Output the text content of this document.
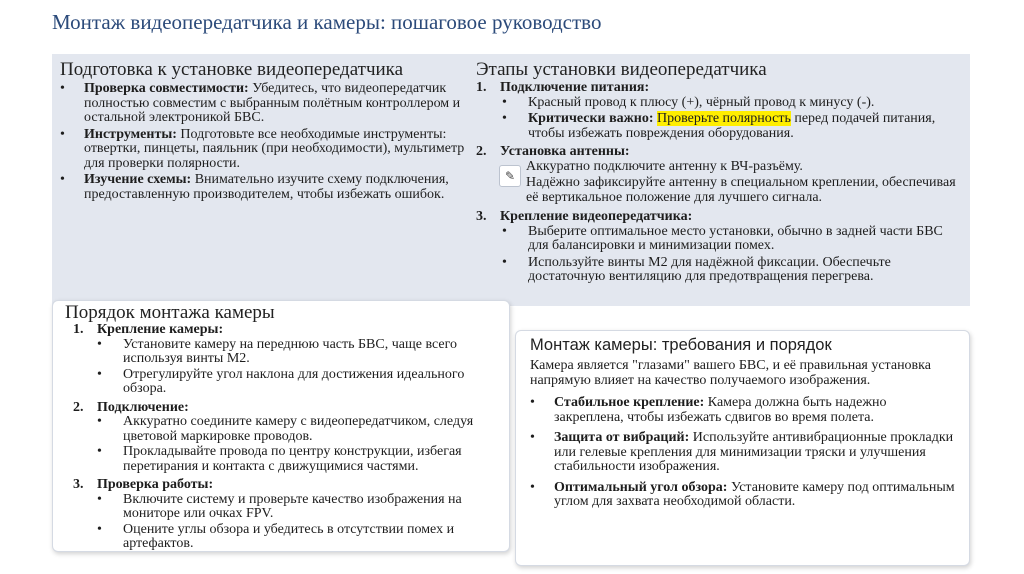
Монтаж видеопередатчика и камеры: пошаговое руководство
Подготовка к установке видеопередатчика
• Проверка совместимости: Убедитесь, что видеопередатчик полностью совместим с выбранным полётным контроллером и остальной электроникой БВС.
• Инструменты: Подготовьте все необходимые инструменты: отвертки, пинцеты, паяльник (при необходимости), мультиметр для проверки полярности.
• Изучение схемы: Внимательно изучите схему подключения, предоставленную производителем, чтобы избежать ошибок.
Этапы установки видеопередатчика
1. Подключение питания:
• Красный провод к плюсу (+), чёрный провод к минусу (-).
• Критически важно: Проверьте полярность перед подачей питания, чтобы избежать повреждения оборудования.
2. Установка антенны:
Аккуратно подключите антенну к ВЧ-разъёму.
Надёжно зафиксируйте антенну в специальном креплении, обеспечивая её вертикальное положение для лучшего сигнала.
3. Крепление видеопередатчика:
• Выберите оптимальное место установки, обычно в задней части БВС для балансировки и минимизации помех.
• Используйте винты М2 для надёжной фиксации. Обеспечьте достаточную вентиляцию для предотвращения перегрева.
✎
Порядок монтажа камеры
1. Крепление камеры:
• Установите камеру на переднюю часть БВС, чаще всего используя винты М2.
• Отрегулируйте угол наклона для достижения идеального обзора.
2. Подключение:
• Аккуратно соедините камеру с видеопередатчиком, следуя цветовой маркировке проводов.
• Прокладывайте провода по центру конструкции, избегая перетирания и контакта с движущимися частями.
3. Проверка работы:
• Включите систему и проверьте качество изображения на мониторе или очках FPV.
• Оцените углы обзора и убедитесь в отсутствии помех и артефактов.
Монтаж камеры: требования и порядок
Камера является "глазами" вашего БВС, и её правильная установка напрямую влияет на качество получаемого изображения.
• Стабильное крепление: Камера должна быть надежно закреплена, чтобы избежать сдвигов во время полета.
• Защита от вибраций: Используйте антивибрационные прокладки или гелевые крепления для минимизации тряски и улучшения стабильности изображения.
• Оптимальный угол обзора: Установите камеру под оптимальным углом для захвата необходимой области.
